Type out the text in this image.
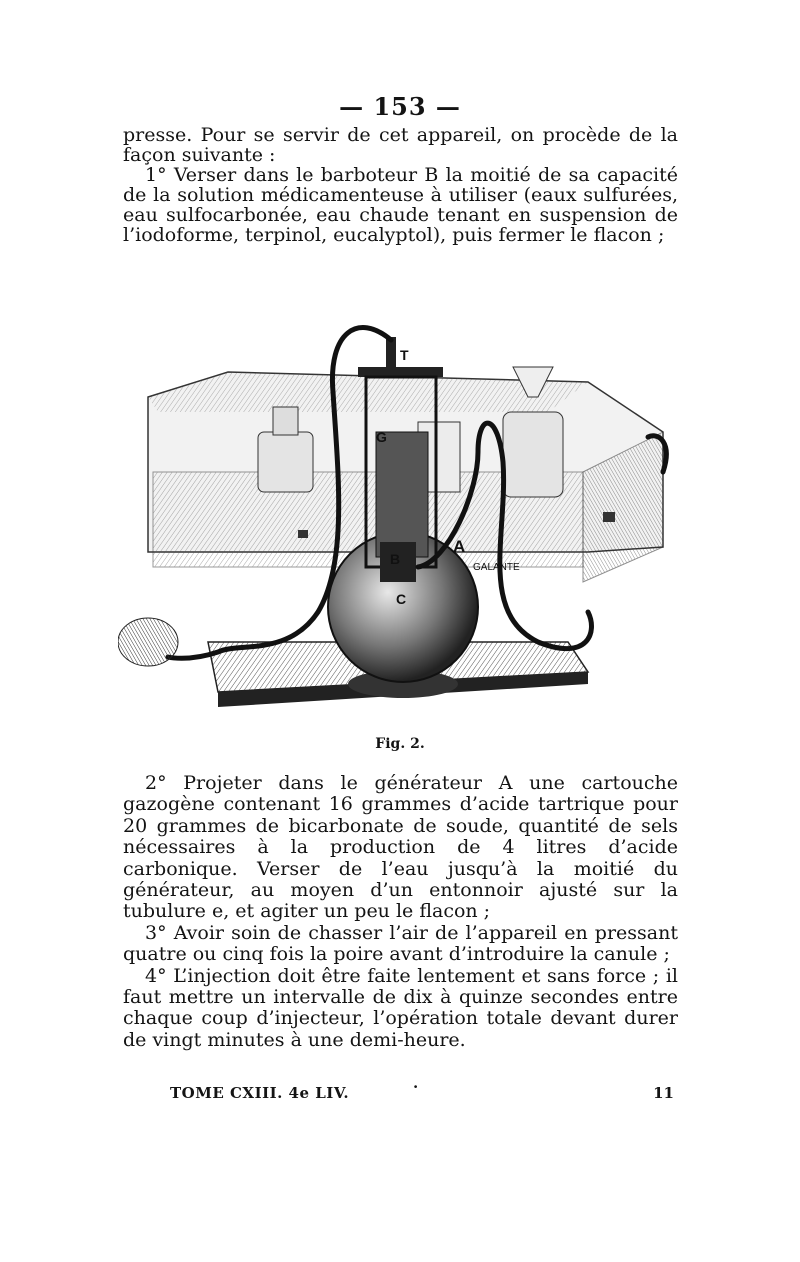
— 153 —

presse. Pour se servir de cet appareil, on procède de la façon suivante :

1° Verser dans le barboteur B la moitié de sa capacité de la solution médicamenteuse à utiliser (eaux sulfurées, eau sulfocarbonée, eau chaude tenant en suspension de l’iodoforme, terpinol, eucalyptol), puis fermer le flacon ;

T
G
B
C
A
GALANTE
Fig. 2.

2° Projeter dans le générateur A une cartouche gazogène contenant 16 grammes d’acide tartrique pour 20 grammes de bicarbonate de soude, quantité de sels nécessaires à la production de 4 litres d’acide carbonique. Verser de l’eau jusqu’à la moitié du générateur, au moyen d’un entonnoir ajusté sur la tubulure e, et agiter un peu le flacon ;

3° Avoir soin de chasser l’air de l’appareil en pressant quatre ou cinq fois la poire avant d’introduire la canule ;

4° L’injection doit être faite lentement et sans force ; il faut mettre un intervalle de dix à quinze secondes entre chaque coup d’injecteur, l’opération totale devant durer de vingt minutes à une demi-heure.

TOME CXIII. 4e LIV.	·	11
